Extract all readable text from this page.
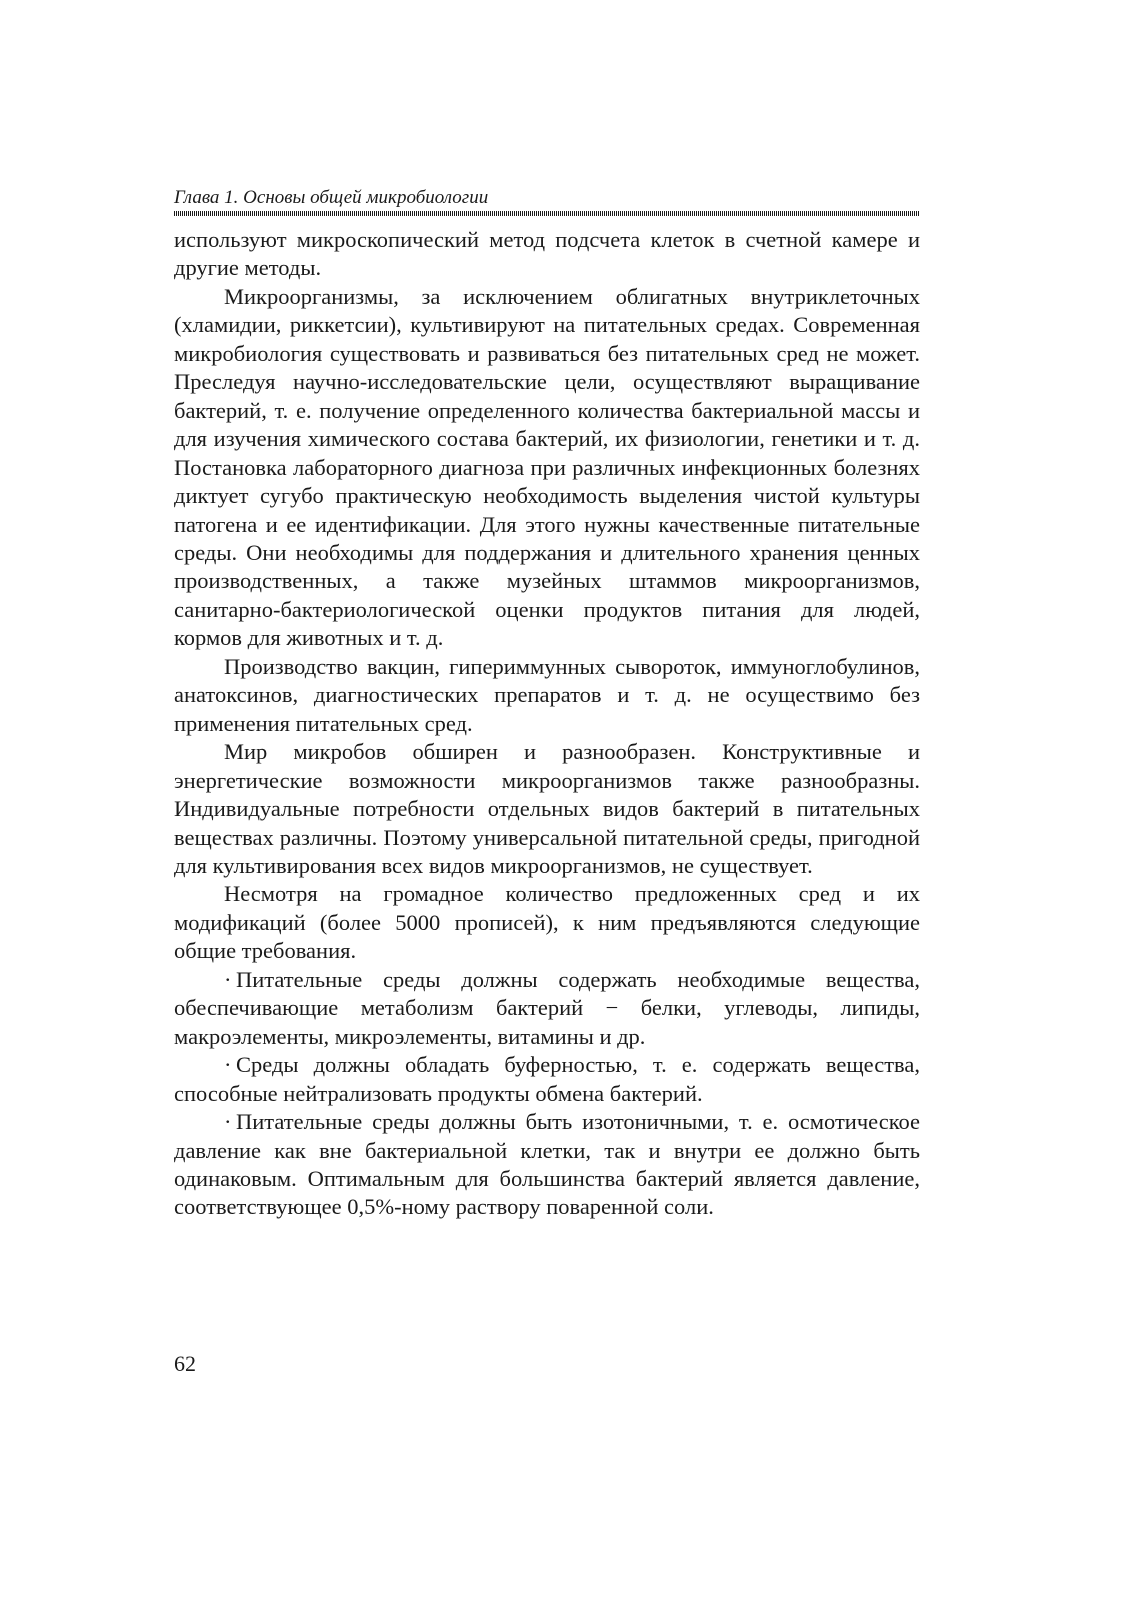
Глава 1. Основы общей микробиологии

используют микроскопический метод подсчета клеток в счетной камере и другие методы.

Микроорганизмы, за исключением облигатных внутриклеточных (хламидии, риккетсии), культивируют на питательных средах. Современная микробиология существовать и развиваться без питательных сред не может. Преследуя научно-исследовательские цели, осуществляют выращивание бактерий, т. е. получение определенного количества бактериальной массы и для изучения химического состава бактерий, их физиологии, генетики и т. д. Постановка лабораторного диагноза при различных инфекционных болезнях диктует сугубо практическую необходимость выделения чистой культуры патогена и ее идентификации. Для этого нужны качественные питательные среды. Они необходимы для поддержания и длительного хранения ценных производственных, а также музейных штаммов микроорганизмов, санитарно-бактериологической оценки продуктов питания для людей, кормов для животных и т. д.

Производство вакцин, гипериммунных сывороток, иммуноглобулинов, анатоксинов, диагностических препаратов и т. д. не осуществимо без применения питательных сред.

Мир микробов обширен и разнообразен. Конструктивные и энергетические возможности микроорганизмов также разнообразны. Индивидуальные потребности отдельных видов бактерий в питательных веществах различны. Поэтому универсальной питательной среды, пригодной для культивирования всех видов микроорганизмов, не существует.

Несмотря на громадное количество предложенных сред и их модификаций (более 5000 прописей), к ним предъявляются следующие общие требования.

· Питательные среды должны содержать необходимые вещества, обеспечивающие метаболизм бактерий − белки, углеводы, липиды, макроэлементы, микроэлементы, витамины и др.

· Среды должны обладать буферностью, т. е. содержать вещества, способные нейтрализовать продукты обмена бактерий.

· Питательные среды должны быть изотоничными, т. е. осмотическое давление как вне бактериальной клетки, так и внутри ее должно быть одинаковым. Оптимальным для большинства бактерий является давление, соответствующее 0,5%-ному раствору поваренной соли.

62
